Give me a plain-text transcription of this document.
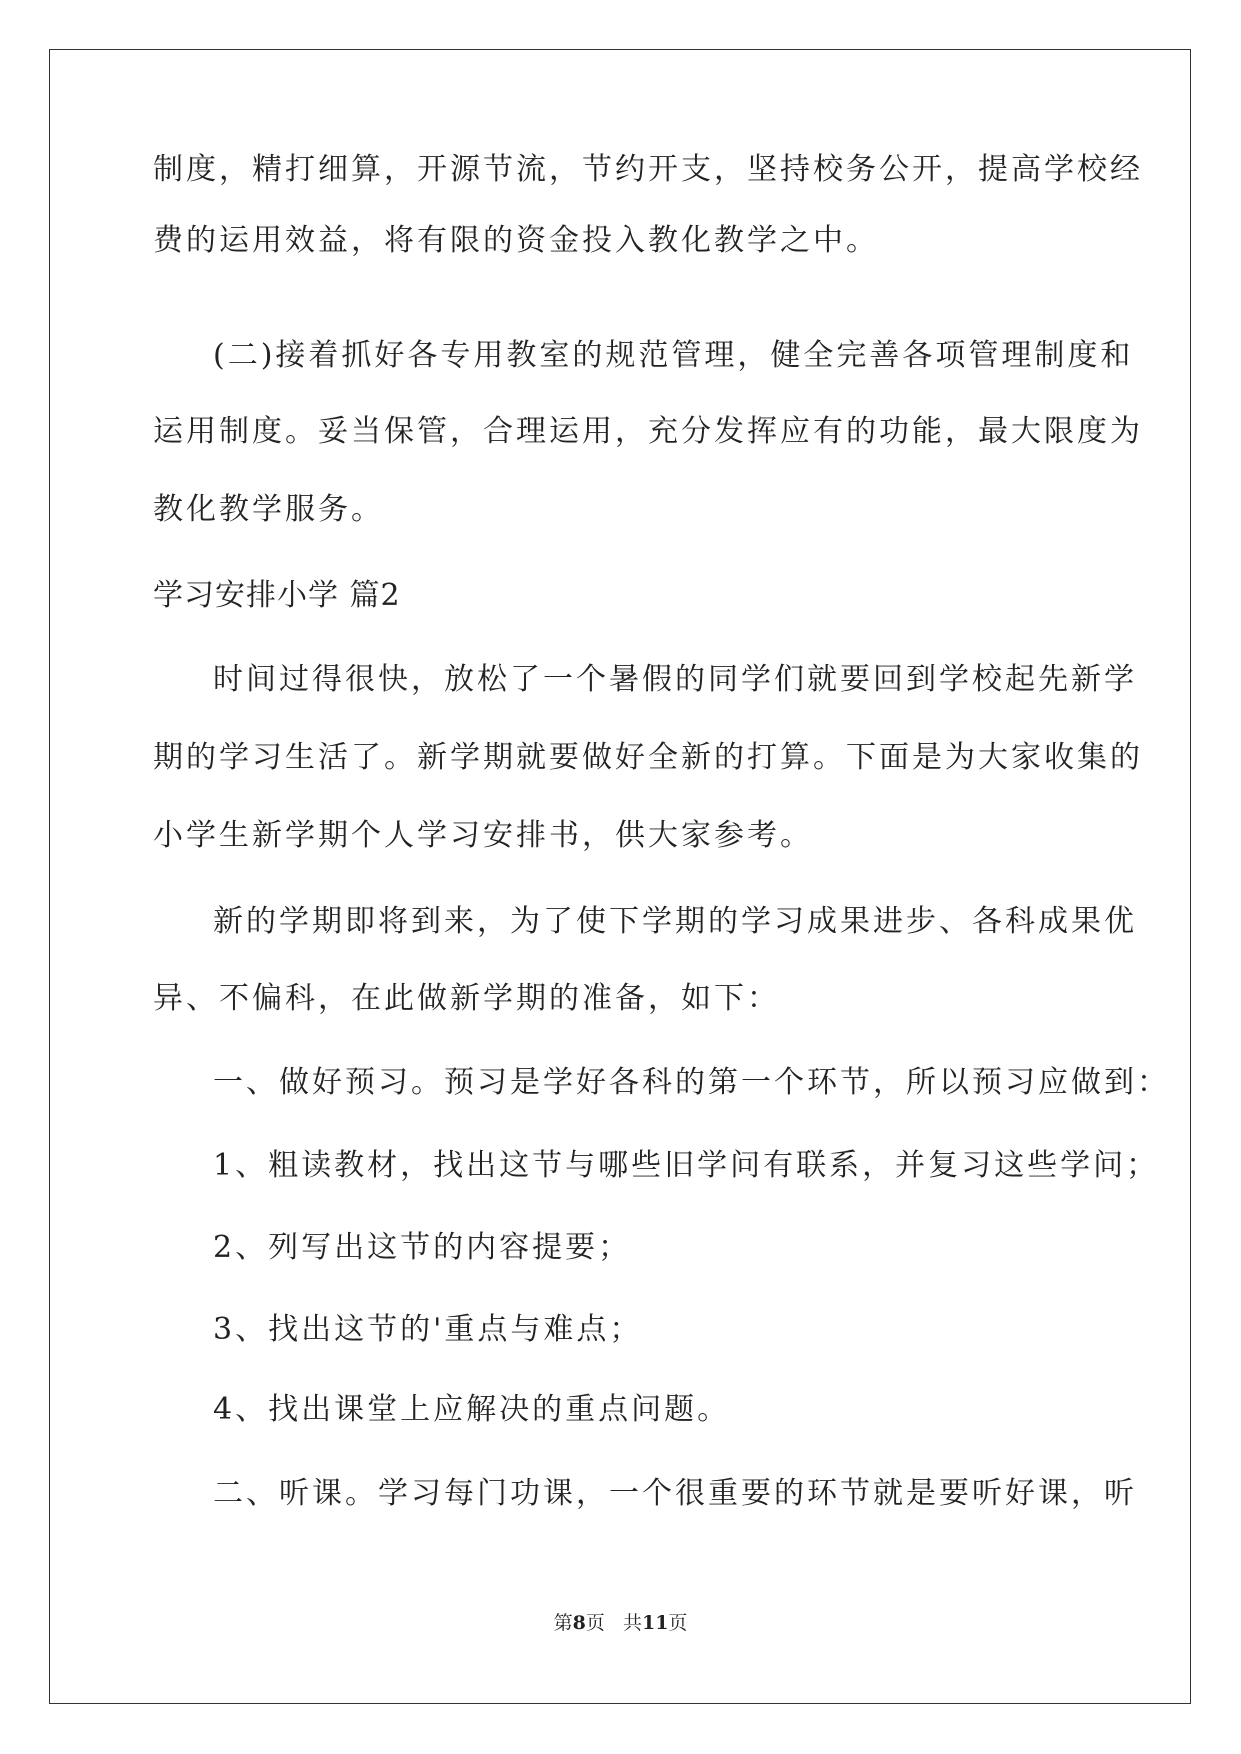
制度，精打细算，开源节流，节约开支，坚持校务公开，提高学校经
费的运用效益，将有限的资金投入教化教学之中。
(二)接着抓好各专用教室的规范管理，健全完善各项管理制度和
运用制度。妥当保管，合理运用，充分发挥应有的功能，最大限度为
教化教学服务。
学习安排小学 篇2
时间过得很快，放松了一个暑假的同学们就要回到学校起先新学
期的学习生活了。新学期就要做好全新的打算。下面是为大家收集的
小学生新学期个人学习安排书，供大家参考。
新的学期即将到来，为了使下学期的学习成果进步、各科成果优
异、不偏科，在此做新学期的准备，如下：
一、做好预习。预习是学好各科的第一个环节，所以预习应做到：
1、粗读教材，找出这节与哪些旧学问有联系，并复习这些学问；
2、列写出这节的内容提要；
3、找出这节的'重点与难点；
4、找出课堂上应解决的重点问题。
二、听课。学习每门功课，一个很重要的环节就是要听好课，听
第8页 共11页
